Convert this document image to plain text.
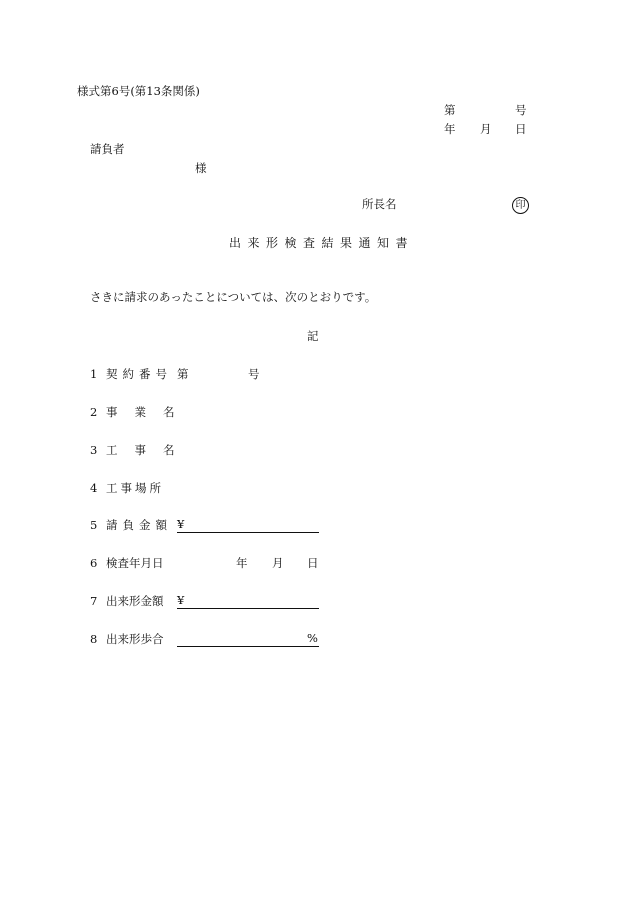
様式第6号(第13条関係)
第	号
年 月 日
請負者
様
所長名	印
出来形検査結果通知書
さきに請求のあったことについては、次のとおりです。
記
1 契約番号 第	号
2 事業名
3 工事名
4 工事場所
5 請負金額 ¥
6 検査年月日	年 月 日
7 出来形金額 ¥
8 出来形歩合	%
